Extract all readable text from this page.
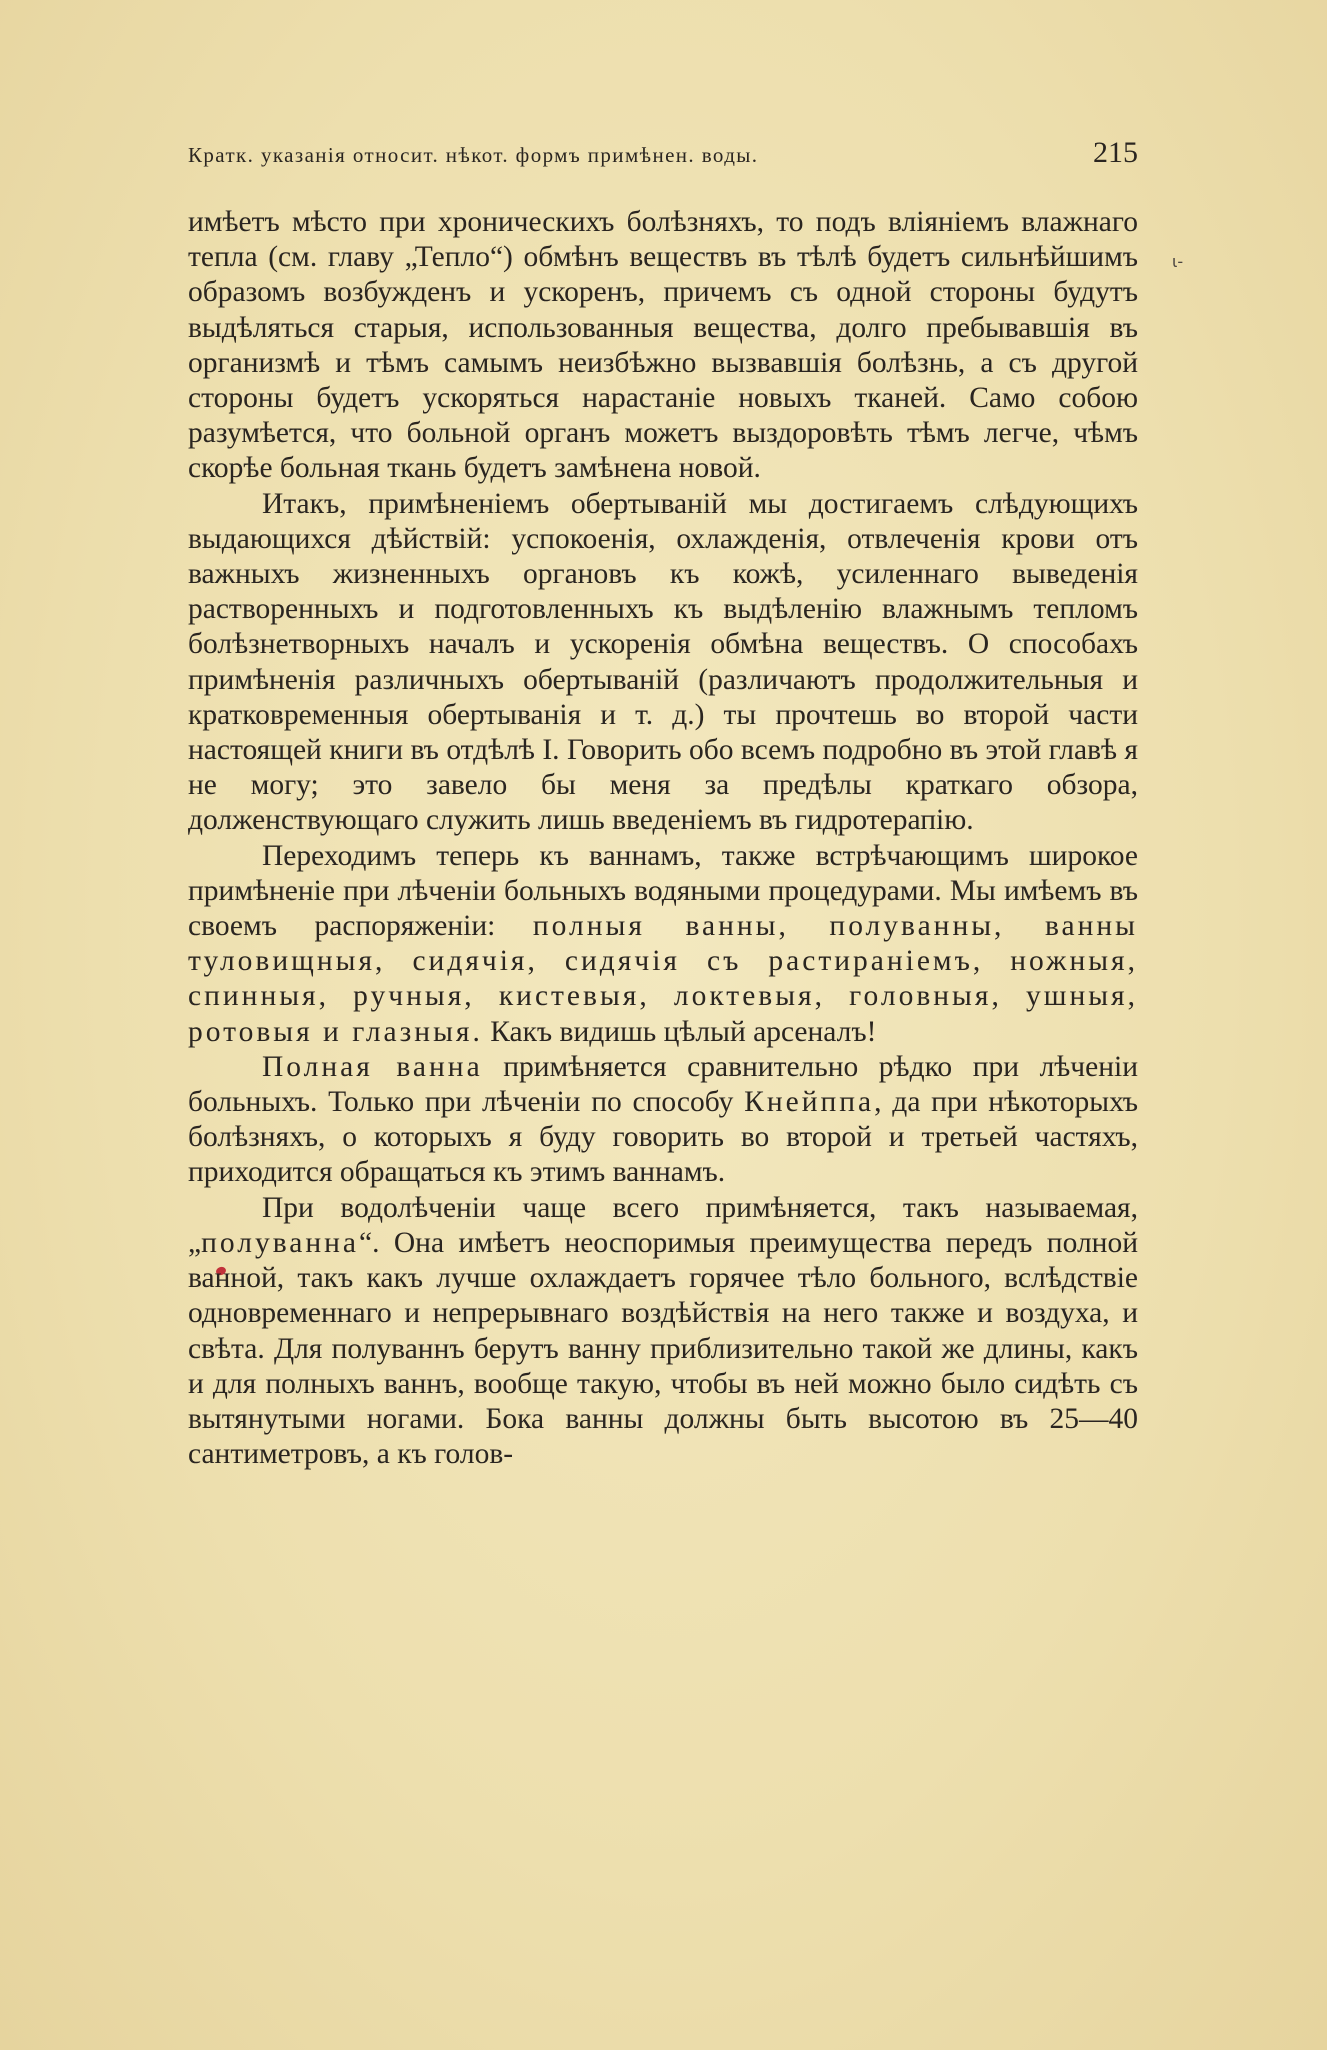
Кратк. указанія относит. нѣкот. формъ примѣнен. воды.	215
ι‑

имѣетъ мѣсто при хроническихъ болѣзняхъ, то подъ вліяніемъ влажнаго тепла (см. главу „Тепло“) обмѣнъ веществъ въ тѣлѣ будетъ сильнѣйшимъ образомъ возбужденъ и ускоренъ, причемъ съ одной стороны будутъ выдѣляться старыя, использованныя вещества, долго пребывавшія въ организмѣ и тѣмъ самымъ неизбѣжно вызвавшія болѣзнь, а съ другой стороны будетъ ускоряться нарастаніе новыхъ тканей. Само собою разумѣется, что больной органъ можетъ выздоровѣть тѣмъ легче, чѣмъ скорѣе больная ткань будетъ замѣнена новой.

Итакъ, примѣненіемъ обертываній мы достигаемъ слѣдующихъ выдающихся дѣйствій: успокоенія, охлажденія, отвлеченія крови отъ важныхъ жизненныхъ органовъ къ кожѣ, усиленнаго выведенія растворенныхъ и подготовленныхъ къ выдѣленію влажнымъ тепломъ болѣзнетворныхъ началъ и ускоренія обмѣна веществъ. О способахъ примѣненія различныхъ обертываній (различаютъ продолжительныя и кратковременныя обертыванія и т. д.) ты прочтешь во второй части настоящей книги въ отдѣлѣ I. Говорить обо всемъ подробно въ этой главѣ я не могу; это завело бы меня за предѣлы краткаго обзора, долженствующаго служить лишь введеніемъ въ гидротерапію.

Переходимъ теперь къ ваннамъ, также встрѣчающимъ широкое примѣненіе при лѣченіи больныхъ водяными процедурами. Мы имѣемъ въ своемъ распоряженіи: полныя ванны, полуванны, ванны туловищныя, сидячія, сидячія съ растираніемъ, ножныя, спинныя, ручныя, кистевыя, локтевыя, головныя, ушныя, ротовыя и глазныя. Какъ видишь цѣлый арсеналъ!

Полная ванна примѣняется сравнительно рѣдко при лѣченіи больныхъ. Только при лѣченіи по способу Кнейппа, да при нѣкоторыхъ болѣзняхъ, о которыхъ я буду говорить во второй и третьей частяхъ, приходится обращаться къ этимъ ваннамъ.

При водолѣченіи чаще всего примѣняется, такъ называемая, „полуванна“. Она имѣетъ неоспоримыя преимущества передъ полной ванной, такъ какъ лучше охлаждаетъ горячее тѣло больного, вслѣдствіе одновременнаго и непрерывнаго воздѣйствія на него также и воздуха, и свѣта. Для полуваннъ берутъ ванну приблизительно такой же длины, какъ и для полныхъ ваннъ, вообще такую, чтобы въ ней можно было сидѣть съ вытянутыми ногами. Бока ванны должны быть высотою въ 25—40 сантиметровъ, а къ голов-
